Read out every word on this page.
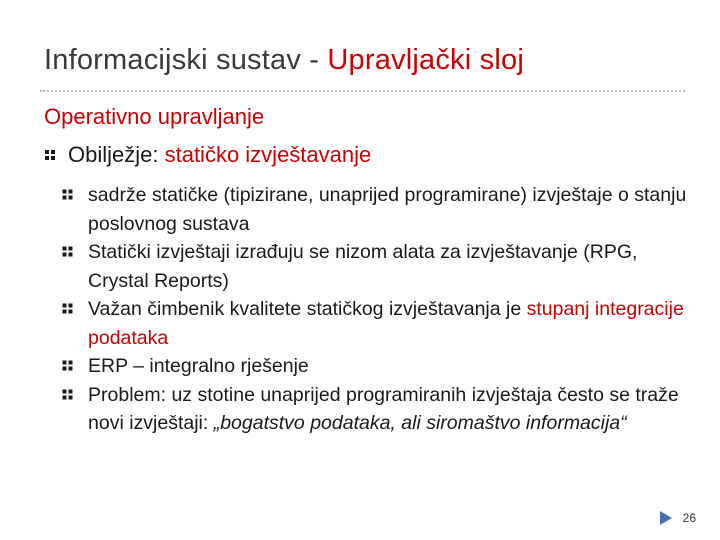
Informacijski sustav - Upravljački sloj
Operativno upravljanje
Obilježje: statičko izvještavanje
sadrže statičke (tipizirane, unaprijed programirane) izvještaje o stanju poslovnog sustava
Statički izvještaji izrađuju se nizom alata za izvještavanje (RPG, Crystal Reports)
Važan čimbenik kvalitete statičkog izvještavanja je stupanj integracije podataka
ERP – integralno rješenje
Problem: uz stotine unaprijed programiranih izvještaja često se traže novi izvještaji: „bogatstvo podataka, ali siromaštvo informacija“
26
